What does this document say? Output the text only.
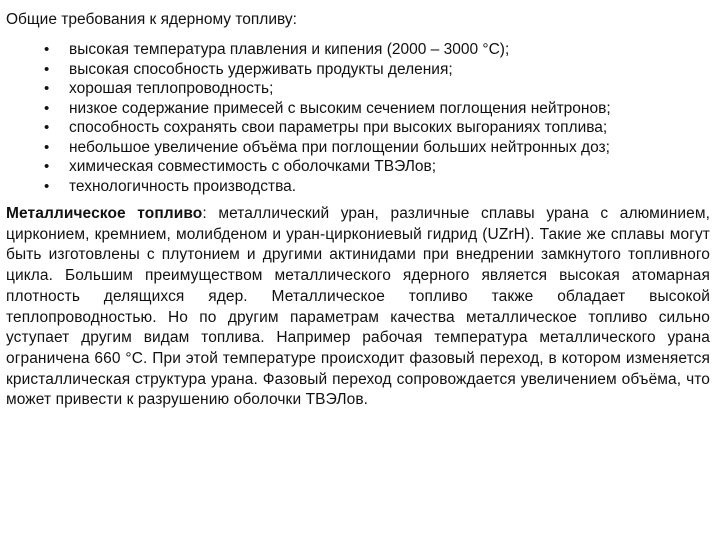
Общие требования к ядерному топливу:
• высокая температура плавления и кипения (2000 – 3000 °С);
• высокая способность удерживать продукты деления;
• хорошая теплопроводность;
• низкое содержание примесей с высоким сечением поглощения нейтронов;
• способность сохранять свои параметры при высоких выгораниях топлива;
• небольшое увеличение объёма при поглощении больших нейтронных доз;
• химическая совместимость с оболочками ТВЭЛов;
• технологичность производства.

Металлическое топливо: металлический уран, различные сплавы урана с алюминием, цирконием, кремнием, молибденом и уран-циркониевый гидрид (UZrH). Такие же сплавы могут быть изготовлены с плутонием и другими актинидами при внедрении замкнутого топливного цикла. Большим преимуществом металлического ядерного является высокая атомарная плотность делящихся ядер. Металлическое топливо также обладает высокой теплопроводностью. Но по другим параметрам качества металлическое топливо сильно уступает другим видам топлива. Например рабочая температура металлического урана ограничена 660 °С. При этой температуре происходит фазовый переход, в котором изменяется кристаллическая структура урана. Фазовый переход сопровождается увеличением объёма, что может привести к разрушению оболочки ТВЭЛов.
